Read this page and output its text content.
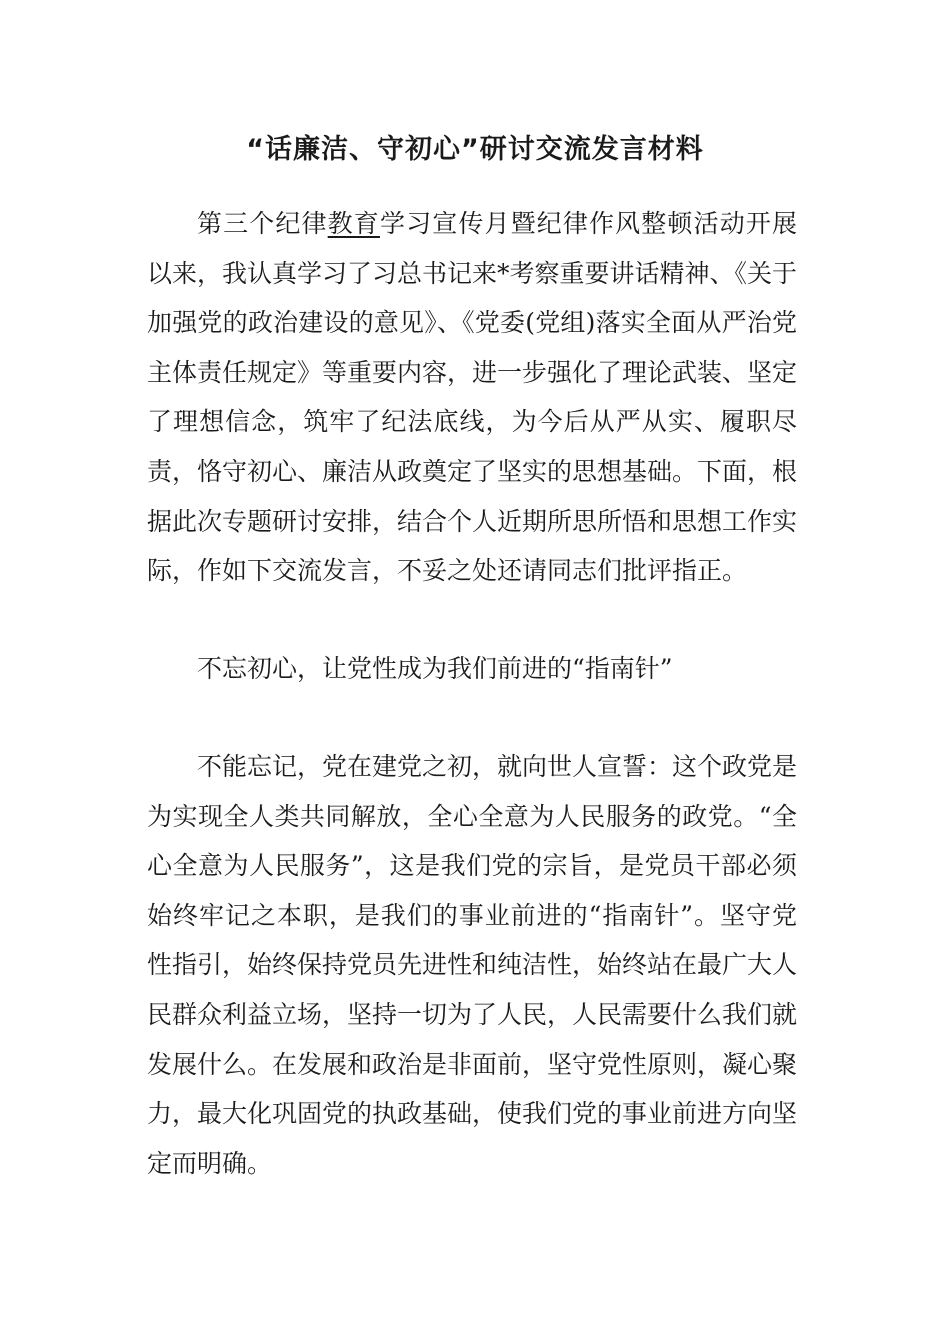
“话廉洁、守初心”研讨交流发言材料

第三个纪律教育学习宣传月暨纪律作风整顿活动开展以来，我认真学习了习总书记来*考察重要讲话精神、《关于加强党的政治建设的意见》、《党委(党组)落实全面从严治党主体责任规定》等重要内容，进一步强化了理论武装、坚定了理想信念，筑牢了纪法底线，为今后从严从实、履职尽责，恪守初心、廉洁从政奠定了坚实的思想基础。下面，根据此次专题研讨安排，结合个人近期所思所悟和思想工作实际，作如下交流发言，不妥之处还请同志们批评指正。

不忘初心，让党性成为我们前进的“指南针”

不能忘记，党在建党之初，就向世人宣誓：这个政党是为实现全人类共同解放，全心全意为人民服务的政党。“全心全意为人民服务”，这是我们党的宗旨，是党员干部必须始终牢记之本职，是我们的事业前进的“指南针”。坚守党性指引，始终保持党员先进性和纯洁性，始终站在最广大人民群众利益立场，坚持一切为了人民，人民需要什么我们就发展什么。在发展和政治是非面前，坚守党性原则，凝心聚力，最大化巩固党的执政基础，使我们党的事业前进方向坚定而明确。
